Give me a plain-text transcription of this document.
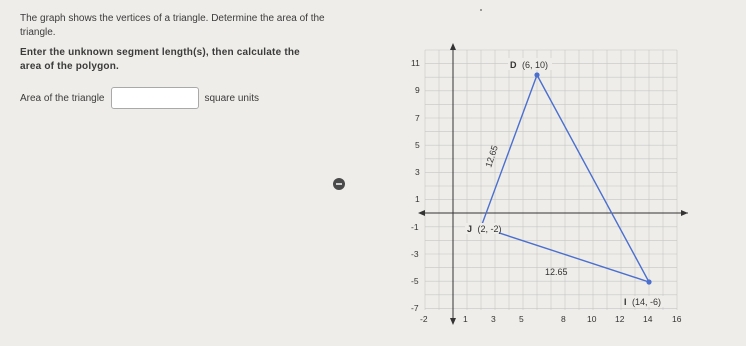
The graph shows the vertices of a triangle. Determine the area of the triangle.
Enter the unknown segment length(s), then calculate the area of the polygon.
Area of the triangle	square units
-2	1	3	5	8	10 12 14 16
11
9
7
5
3
1
-1
-3
-5
-7
D (6, 10)
J (2, -2)
I (14, -6)
12.65
12.65
